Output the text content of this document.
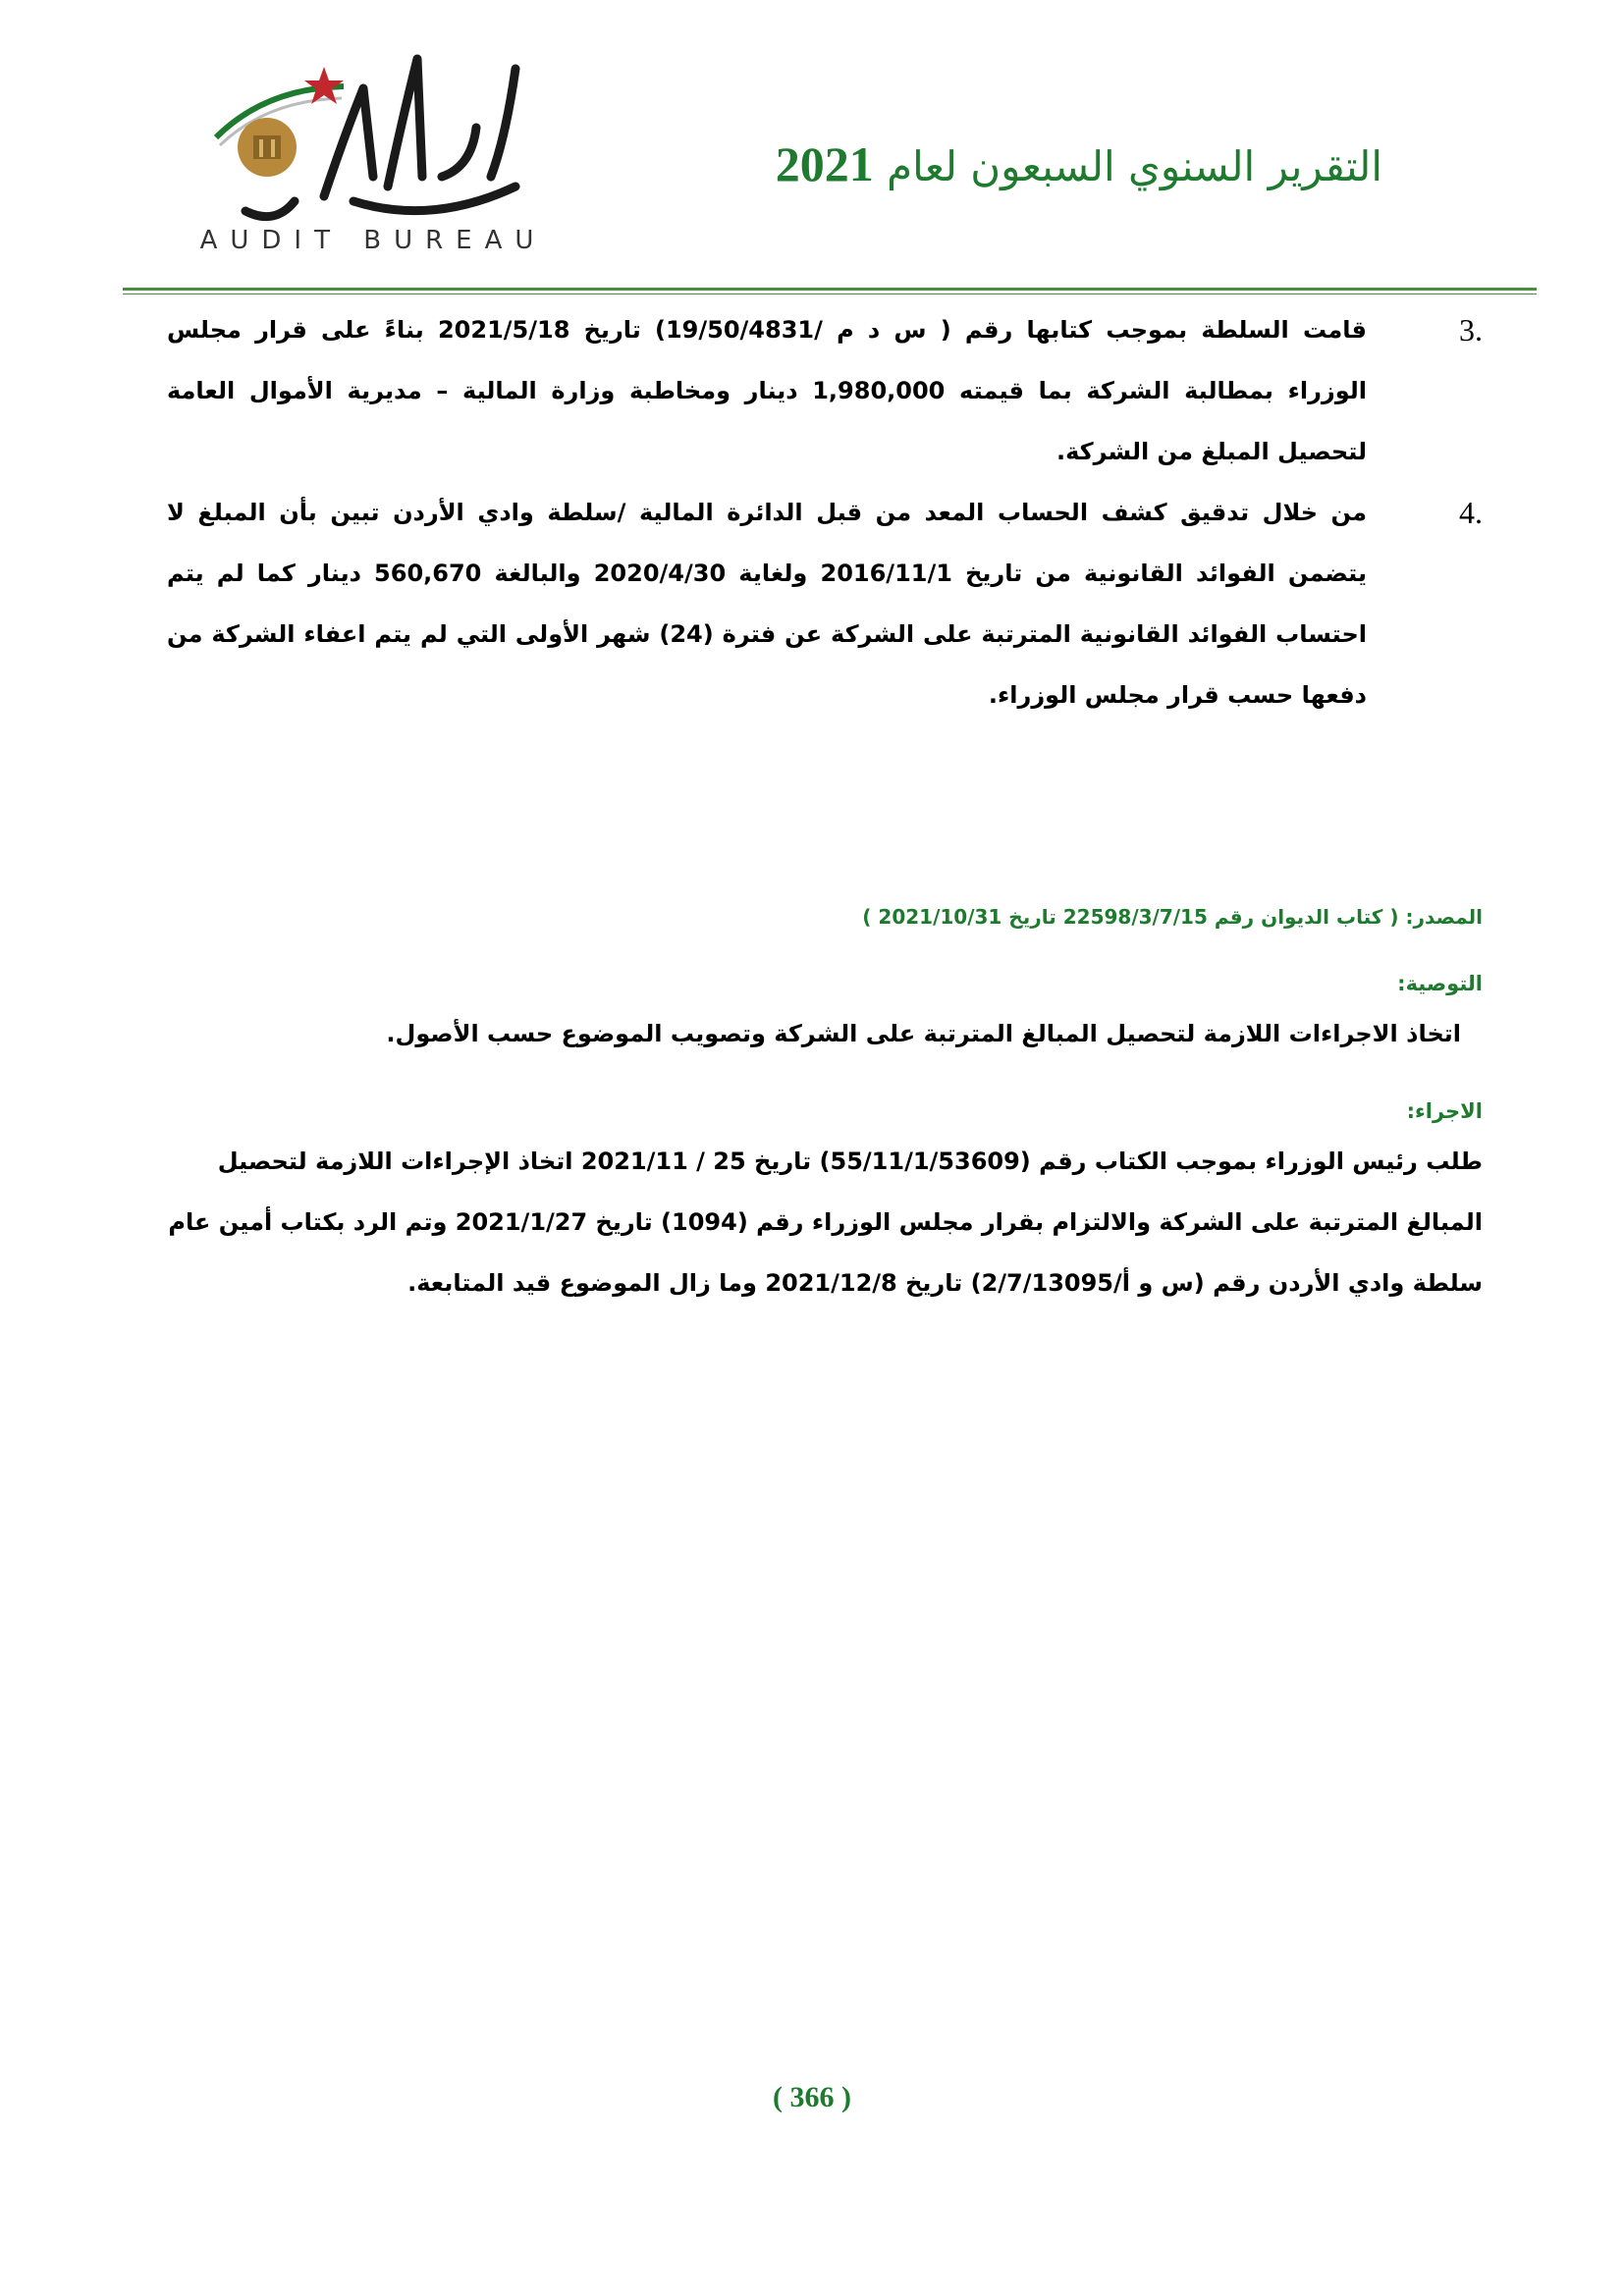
ديوان المحاسبة
AUDIT BUREAU
التقرير السنوي السبعون لعام 2021
.3
قامت السلطة بموجب كتابها رقم ( س د م /19/50/4831) تاريخ 2021/5/18 بناءً على قرار مجلس الوزراء بمطالبة الشركة بما قيمته 1,980,000 دينار ومخاطبة وزارة المالية – مديرية الأموال العامة لتحصيل المبلغ من الشركة.
.4
من خلال تدقيق كشف الحساب المعد من قبل الدائرة المالية /سلطة وادي الأردن تبين بأن المبلغ لا يتضمن الفوائد القانونية من تاريخ 2016/11/1 ولغاية 2020/4/30 والبالغة 560,670 دينار كما لم يتم احتساب الفوائد القانونية المترتبة على الشركة عن فترة (24) شهر الأولى التي لم يتم اعفاء الشركة من دفعها حسب قرار مجلس الوزراء.
المصدر: ( كتاب الديوان رقم 22598/3/7/15 تاريخ 2021/10/31 )
التوصية:
اتخاذ الاجراءات اللازمة لتحصيل المبالغ المترتبة على الشركة وتصويب الموضوع حسب الأصول.
الاجراء:
طلب رئيس الوزراء بموجب الكتاب رقم (55/11/1/53609) تاريخ 25 / 2021/11 اتخاذ الإجراءات اللازمة لتحصيل المبالغ المترتبة على الشركة والالتزام بقرار مجلس الوزراء رقم (1094) تاريخ 2021/1/27 وتم الرد بكتاب أمين عام سلطة وادي الأردن رقم (س و أ/2/7/13095) تاريخ 2021/12/8 وما زال الموضوع قيد المتابعة.
( 366 )
